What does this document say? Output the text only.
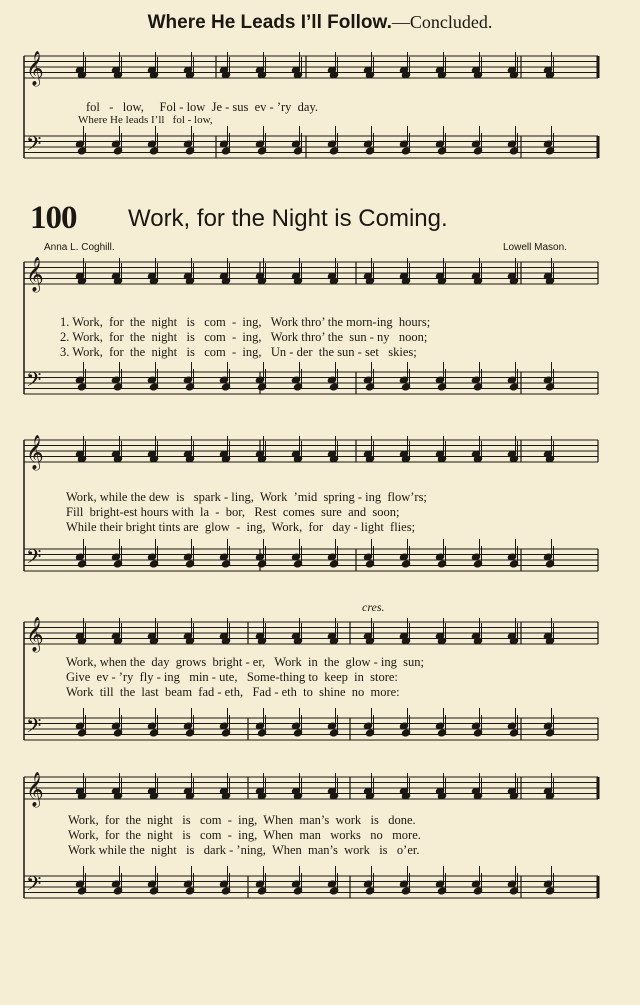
Where He Leads I’ll Follow.—Concluded.
100 Work, for the Night is Coming.
Anna L. Coghill.	Lowell Mason.
fol   -   low,     Fol - low  Je - sus  ev - ’ry  day.
Where He leads I’ll   fol - low,
1. Work,  for  the  night   is   com  -  ing,   Work thro’ the morn-ing  hours;
2. Work,  for  the  night   is   com  -  ing,   Work thro’ the  sun - ny   noon;
3. Work,  for  the  night   is   com  -  ing,   Un - der  the sun - set   skies;
Work, while the dew  is   spark - ling,  Work  ’mid  spring - ing  flow’rs;
Fill  bright-est hours with  la  -  bor,   Rest  comes  sure  and  soon;
While their bright tints are  glow  -  ing,  Work,  for   day - light  flies;
cres.
Work, when the  day  grows  bright - er,   Work  in  the  glow - ing  sun;
Give  ev - ’ry  fly - ing   min - ute,   Some-thing to  keep  in  store:
Work  till  the  last  beam  fad - eth,   Fad - eth  to  shine  no  more:
Work,  for  the  night   is   com  -  ing,  When  man’s  work   is   done.
Work,  for  the  night   is   com  -  ing,  When  man   works   no   more.
Work while the  night   is   dark - ’ning,  When  man’s  work   is   o’er.
𝄞
𝄢
𝄞
𝄢
𝄞
𝄢
𝄞
𝄢
𝄞
𝄢
